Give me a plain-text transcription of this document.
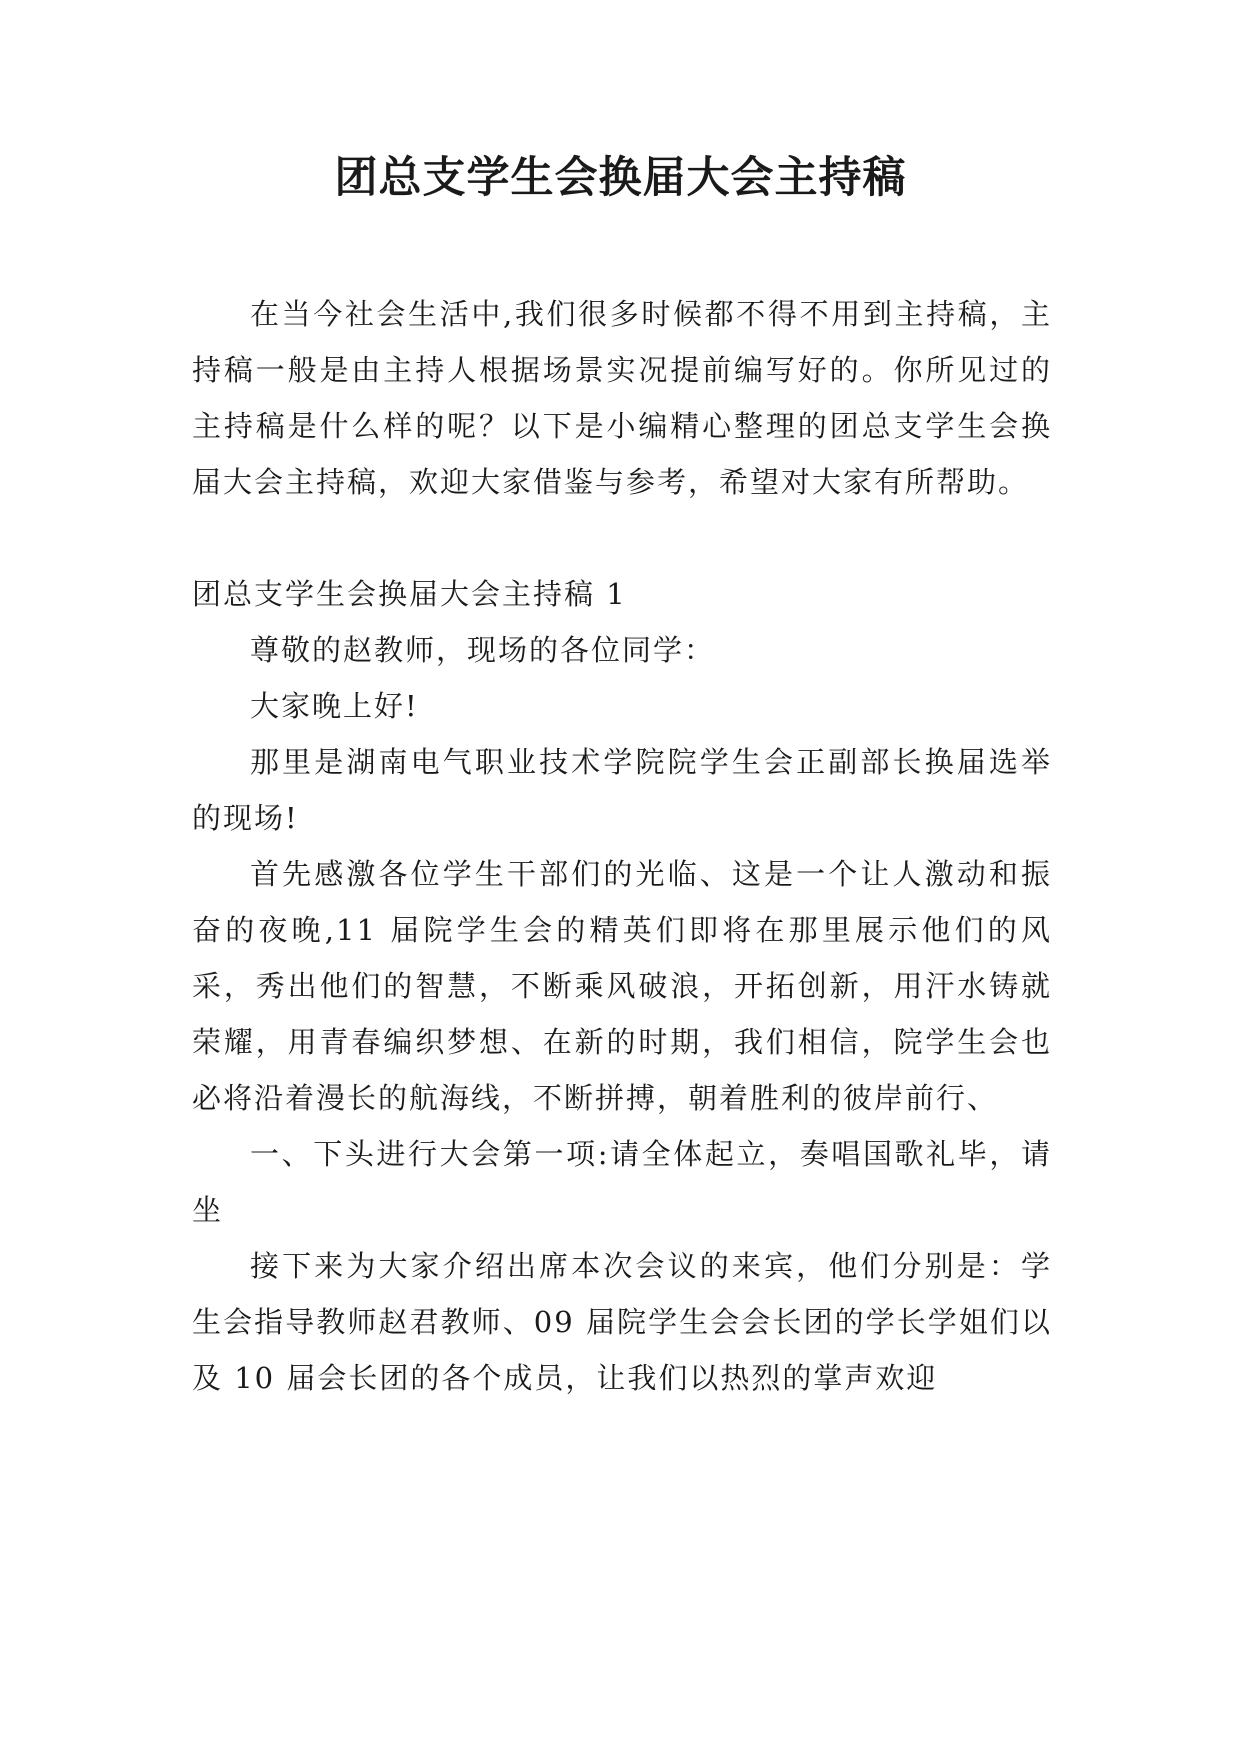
团总支学生会换届大会主持稿

在当今社会生活中,我们很多时候都不得不用到主持稿，主持稿一般是由主持人根据场景实况提前编写好的。你所见过的主持稿是什么样的呢？以下是小编精心整理的团总支学生会换届大会主持稿，欢迎大家借鉴与参考，希望对大家有所帮助。

团总支学生会换届大会主持稿 1

尊敬的赵教师，现场的各位同学：

大家晚上好!

那里是湖南电气职业技术学院院学生会正副部长换届选举的现场!

首先感激各位学生干部们的光临、这是一个让人激动和振奋的夜晚,11 届院学生会的精英们即将在那里展示他们的风采，秀出他们的智慧，不断乘风破浪，开拓创新，用汗水铸就荣耀，用青春编织梦想、在新的时期，我们相信，院学生会也必将沿着漫长的航海线，不断拼搏，朝着胜利的彼岸前行、

一、下头进行大会第一项:请全体起立，奏唱国歌礼毕，请坐

接下来为大家介绍出席本次会议的来宾，他们分别是：学生会指导教师赵君教师、09 届院学生会会长团的学长学姐们以及 10 届会长团的各个成员，让我们以热烈的掌声欢迎
